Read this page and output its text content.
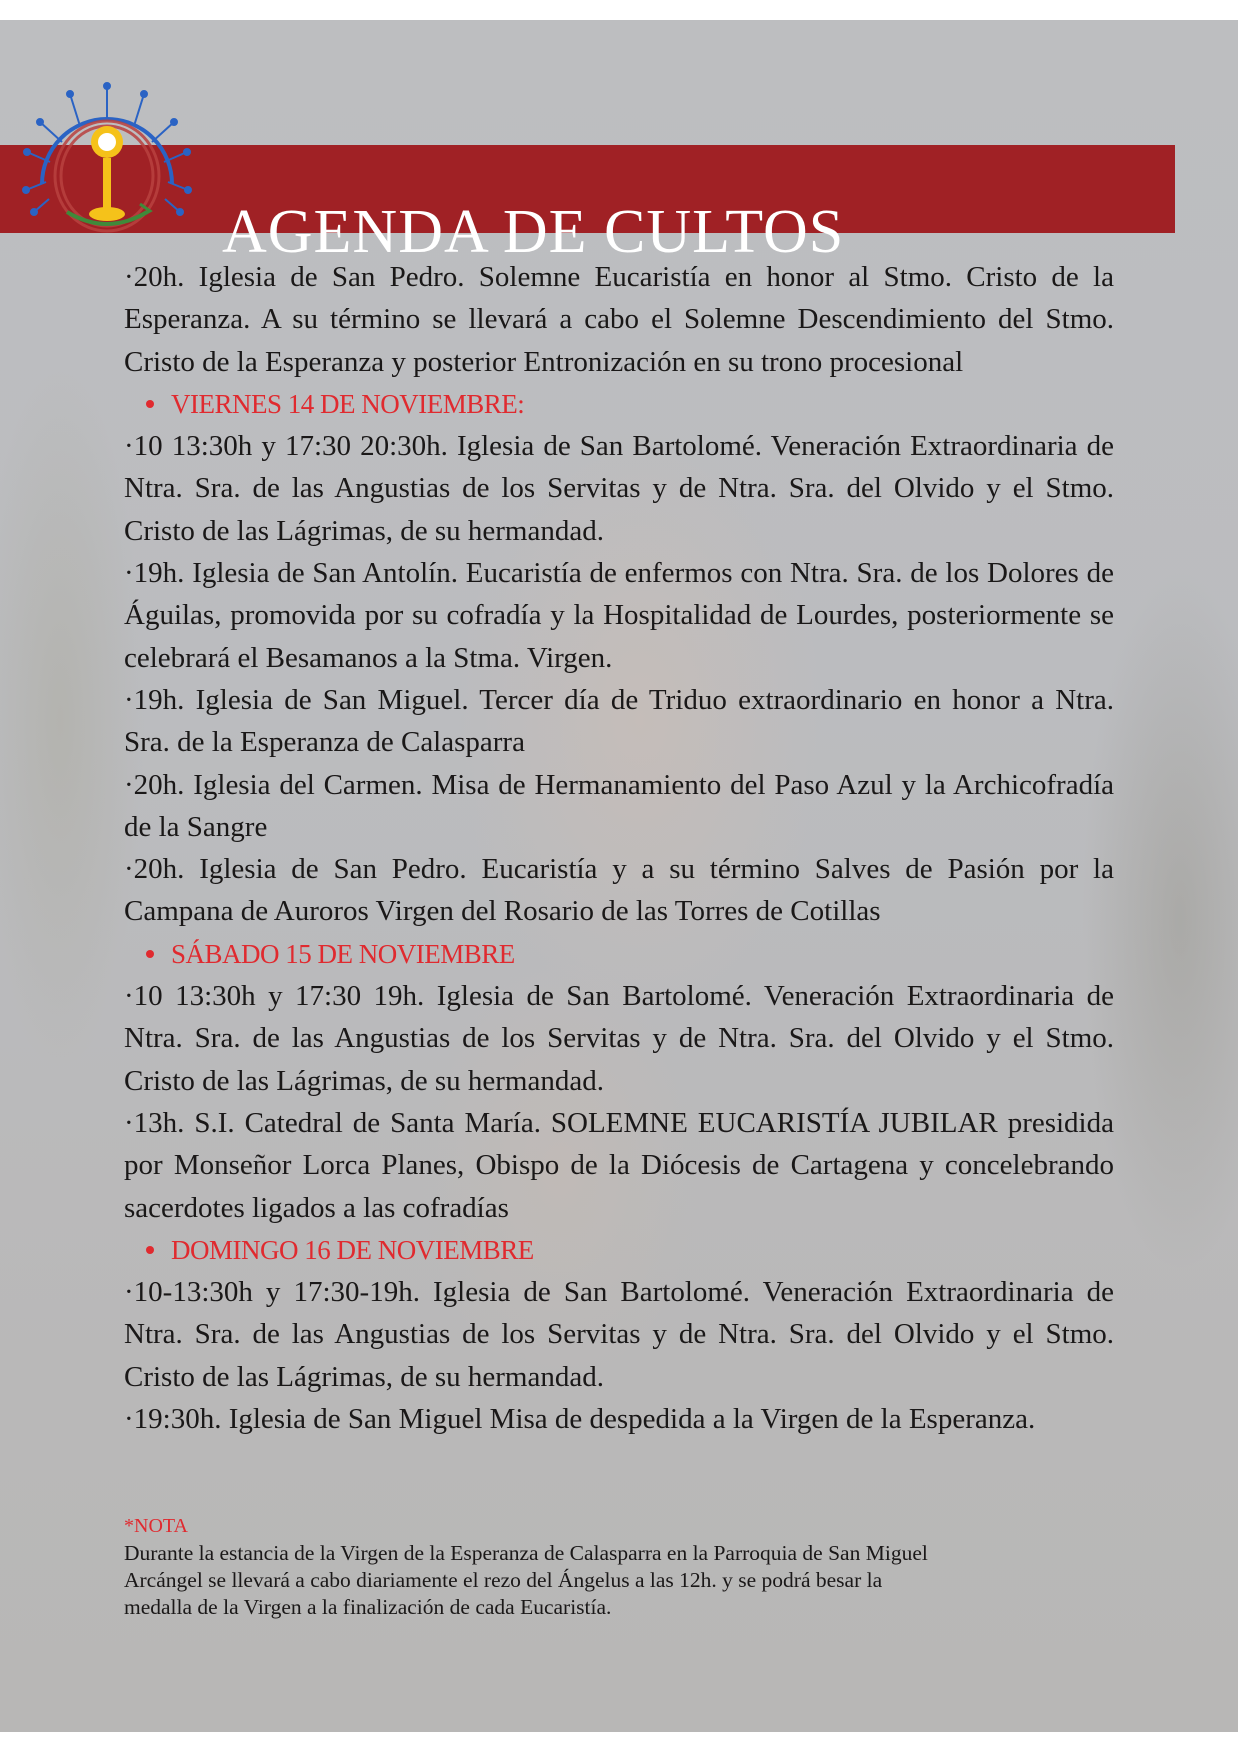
AGENDA DE CULTOS

·20h. Iglesia de San Pedro. Solemne Eucaristía en honor al Stmo. Cristo de la Esperanza. A su término se llevará a cabo el Solemne Descendimiento del Stmo. Cristo de la Esperanza y posterior Entronización en su trono procesional

VIERNES 14 DE NOVIEMBRE:

·10 13:30h y 17:30 20:30h. Iglesia de San Bartolomé. Veneración Extraordinaria de Ntra. Sra. de las Angustias de los Servitas y de Ntra. Sra. del Olvido y el Stmo. Cristo de las Lágrimas, de su hermandad.

·19h. Iglesia de San Antolín. Eucaristía de enfermos con Ntra. Sra. de los Dolores de Águilas, promovida por su cofradía y la Hospitalidad de Lourdes, posteriormente se celebrará el Besamanos a la Stma. Virgen.

·19h. Iglesia de San Miguel. Tercer día de Triduo extraordinario en honor a Ntra. Sra. de la Esperanza de Calasparra

·20h. Iglesia del Carmen. Misa de Hermanamiento del Paso Azul y la Archicofradía de la Sangre

·20h. Iglesia de San Pedro. Eucaristía y a su término Salves de Pasión por la Campana de Auroros Virgen del Rosario de las Torres de Cotillas

SÁBADO 15 DE NOVIEMBRE

·10 13:30h y 17:30 19h. Iglesia de San Bartolomé. Veneración Extraordinaria de Ntra. Sra. de las Angustias de los Servitas y de Ntra. Sra. del Olvido y el Stmo. Cristo de las Lágrimas, de su hermandad.

·13h. S.I. Catedral de Santa María. SOLEMNE EUCARISTÍA JUBILAR presidida por Monseñor Lorca Planes, Obispo de la Diócesis de Cartagena y concelebrando sacerdotes ligados a las cofradías

DOMINGO 16 DE NOVIEMBRE

·10-13:30h y 17:30-19h. Iglesia de San Bartolomé. Veneración Extraordinaria de Ntra. Sra. de las Angustias de los Servitas y de Ntra. Sra. del Olvido y el Stmo. Cristo de las Lágrimas, de su hermandad.

·19:30h. Iglesia de San Miguel Misa de despedida a la Virgen de la Esperanza.

*NOTA
Durante la estancia de la Virgen de la Esperanza de Calasparra en la Parroquia de San Miguel
Arcángel se llevará a cabo diariamente el rezo del Ángelus a las 12h. y se podrá besar la
medalla de la Virgen a la finalización de cada Eucaristía.
